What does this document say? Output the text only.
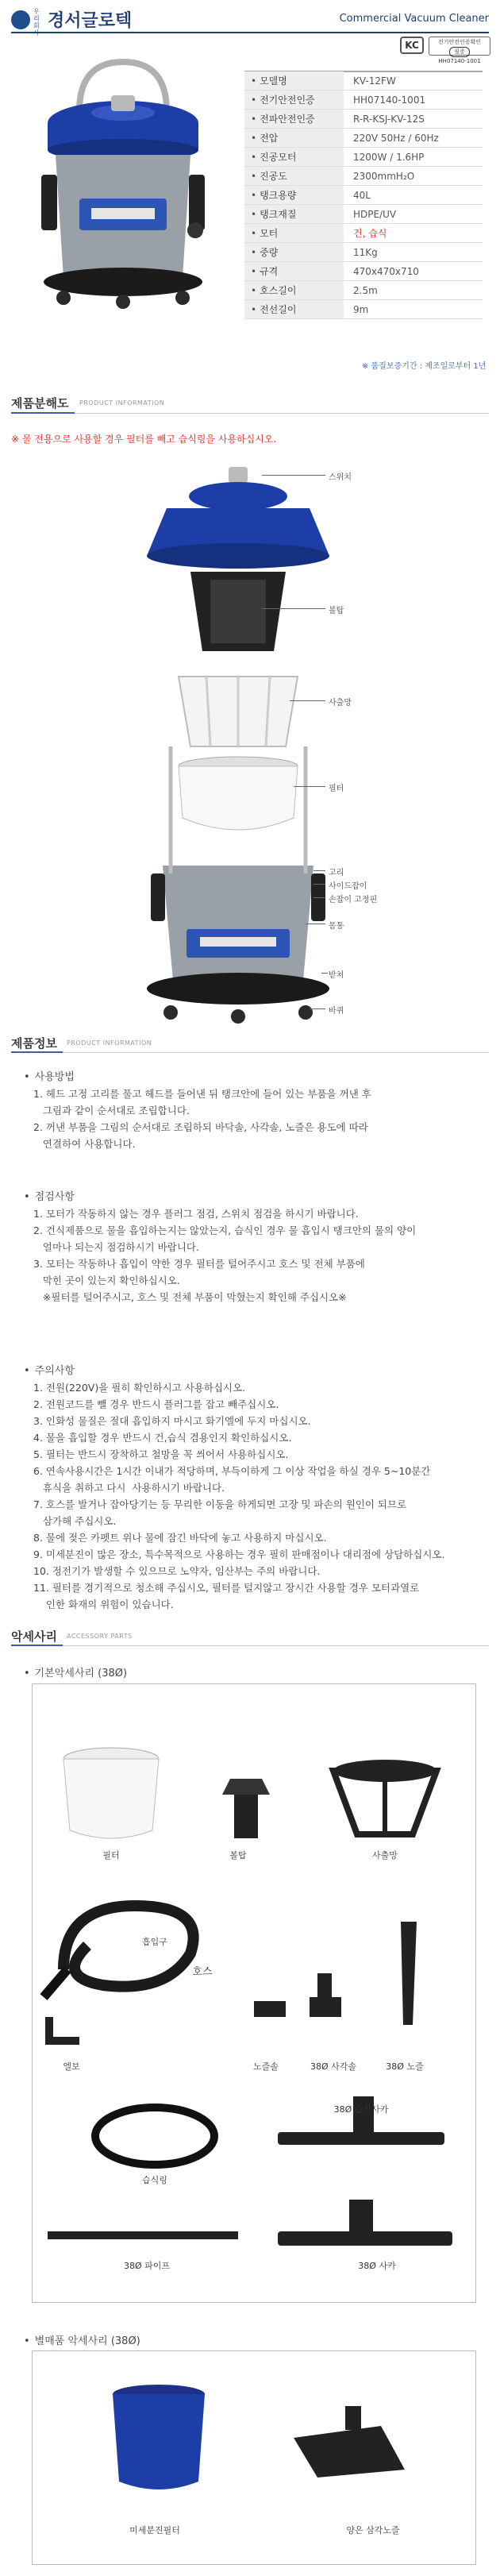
우리 회 경서글로텍	Commercial Vacuum Cleaner
KC	전기안전인증확인
필증
HH07140-1001
• 모델명	KV-12FW
• 전기안전인증	HH07140-1001
• 전파안전인증	R-R-KSJ-KV-12S
• 전압	220V 50Hz / 60Hz
• 진공모터	1200W / 1.6HP
• 진공도	2300mmH₂O
• 탱크용량	40L
• 탱크재질	HDPE/UV
• 모터	건, 습식
• 중량	11Kg
• 규격	470x470x710
• 호스길이	2.5m
• 전선길이	9m
※ 품질보증기간 : 제조일로부터 1년
제품분해도 PRODUCT INFORMATION
※ 물 전용으로 사용할 경우 필터를 빼고 습식링을 사용하십시오.
스위치
볼탑
사출망
필터
고리
사이드잡이
손잡이 고정핀
몸통
받쳐
바퀴
제품정보 PRODUCT INFORMATION
• 사용방법
1. 헤드 고정 고리를 풀고 헤드를 들어낸 뒤 탱크안에 들어 있는 부품을 꺼낸 후
그림과 같이 순서대로 조립합니다.
2. 꺼낸 부품을 그림의 순서대로 조립하되 바닥솔, 사각솔, 노즐은 용도에 따라
연결하여 사용합니다.
• 점검사항
1. 모터가 작동하지 않는 경우 플러그 점검, 스위치 점검을 하시기 바랍니다.
2. 건식제품으로 물을 흡입하는지는 않았는지, 습식인 경우 물 흡입시 탱크안의 물의 양이
얼마나 되는지 점검하시기 바랍니다.
3. 모터는 작동하나 흡입이 약한 경우 필터를 털어주시고 호스 및 전체 부품에
막힌 곳이 있는지 확인하십시오.
※필터를 털어주시고, 호스 및 전체 부품이 막혔는지 확인해 주십시오※
• 주의사항
1. 전원(220V)을 필히 확인하시고 사용하십시오.
2. 전원코드를 뺄 경우 반드시 플러그를 잡고 빼주십시오.
3. 인화성 물질은 절대 흡입하지 마시고 화기엘에 두지 마십시오.
4. 물을 흡입할 경우 반드시 건,습식 겸용인지 확인하십시오.
5. 필터는 반드시 장착하고 철망을 꼭 씌어서 사용하십시오.
6. 연속사용시간은 1시간 이내가 적당하며, 부득이하게 그 이상 작업을 하실 경우 5~10분간
휴식을 취하고 다시  사용하시기 바랍니다.
7. 호스를 발거나 잡아당기는 등 무리한 이동을 하게되면 고장 및 파손의 원인이 되므로
삼가해 주십시오.
8. 물에 젖은 카펫트 위나 물에 잠긴 바닥에 놓고 사용하지 마십시오.
9. 미세분진이 많은 장소, 특수목적으로 사용하는 경우 필히 판매점이나 대리점에 상담하십시오.
10. 정전기가 발생할 수 있으므로 노약자, 임산부는 주의 바랍니다.
11. 필터를 경기적으로 청소해 주십시오, 필터를 털지않고 장시간 사용할 경우 모터과열로
인한 화재의 위험이 있습니다.
악세사리 ACCESSORY PARTS
• 기본악세사리 (38Ø)
필터	볼탑	사출망
흡입구
호스
엘보	노즐솔	38Ø 사각솔	38Ø 노즐
습식링
38Ø 습식사카
38Ø 파이프	38Ø 사카
• 별매품 악세사리 (38Ø)
미세분진필터	양은 삼각노즐
